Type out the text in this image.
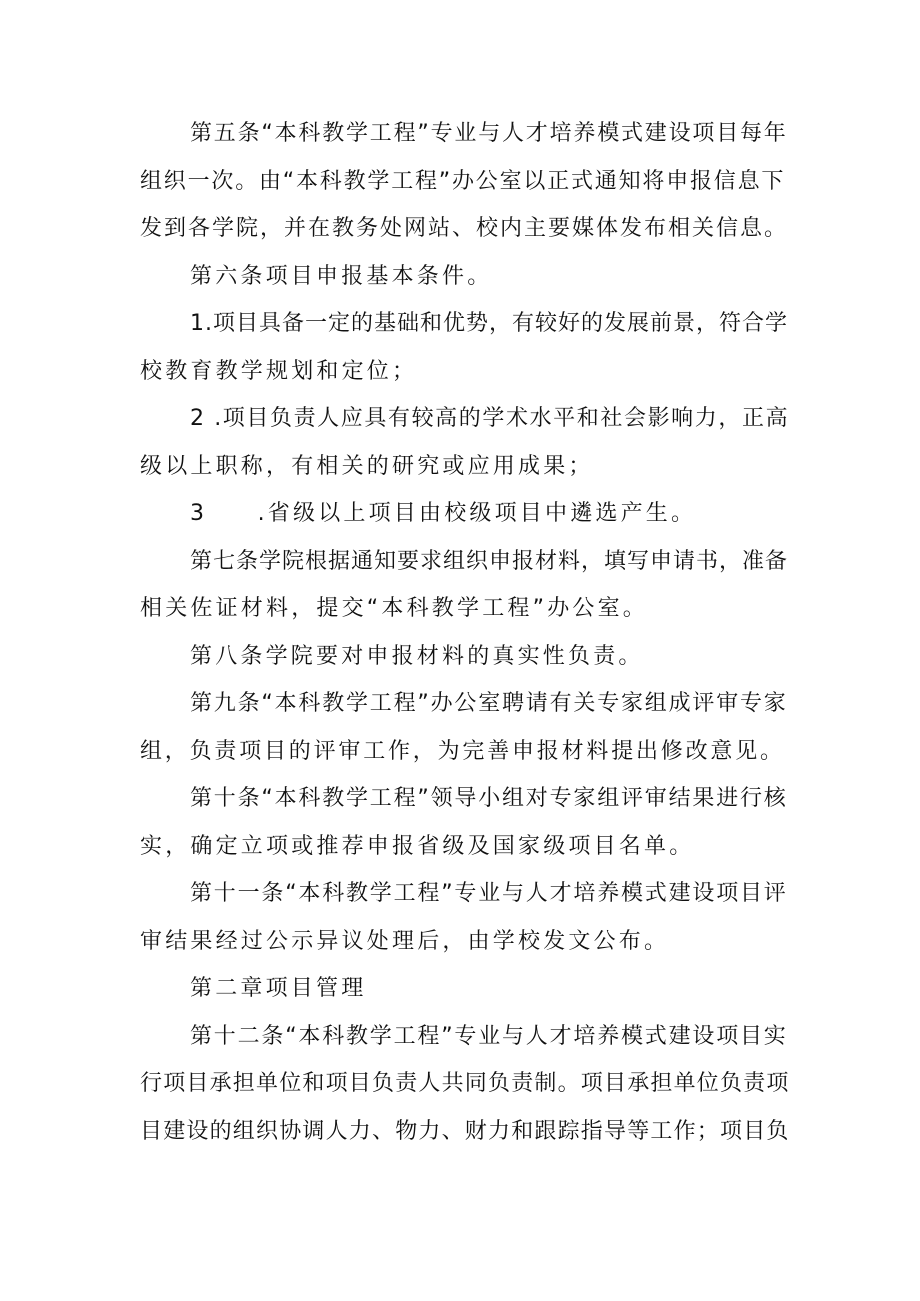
第五条“本科教学工程”专业与人才培养模式建设项目每年
组织一次。由“本科教学工程”办公室以正式通知将申报信息下
发到各学院，并在教务处网站、校内主要媒体发布相关信息。

第六条项目申报基本条件。

1.项目具备一定的基础和优势，有较好的发展前景，符合学
校教育教学规划和定位；

2 .项目负责人应具有较高的学术水平和社会影响力，正高
级以上职称，有相关的研究或应用成果；

3　　.省级以上项目由校级项目中遴选产生。

第七条学院根据通知要求组织申报材料，填写申请书，准备
相关佐证材料，提交“本科教学工程”办公室。

第八条学院要对申报材料的真实性负责。

第九条“本科教学工程”办公室聘请有关专家组成评审专家
组，负责项目的评审工作，为完善申报材料提出修改意见。

第十条“本科教学工程”领导小组对专家组评审结果进行核
实，确定立项或推荐申报省级及国家级项目名单。

第十一条“本科教学工程”专业与人才培养模式建设项目评
审结果经过公示异议处理后，由学校发文公布。

第二章项目管理

第十二条“本科教学工程”专业与人才培养模式建设项目实
行项目承担单位和项目负责人共同负责制。项目承担单位负责项
目建设的组织协调人力、物力、财力和跟踪指导等工作；项目负
